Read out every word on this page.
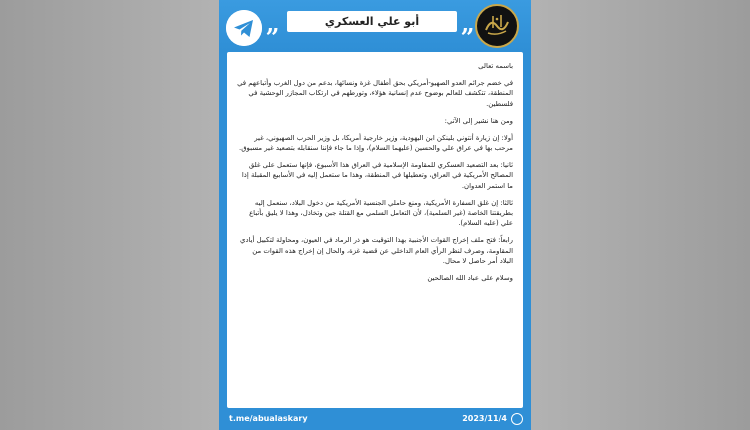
„	أبو علي العسكري „

باسمه تعالى

في خضم جرائم العدو الصهيو-أمريكي بحق أطفال غزة ونسائها، بدعم من دول الغرب وأتباعهم في المنطقة، تتكشف للعالم بوضوح عدم إنسانية هؤلاء، وتورطهم في ارتكاب المجازر الوحشية في فلسطين.

ومن هنا نشير إلى الآتي:

أولا: إن زيارة أنتوني بلينكن ابن اليهودية، وزير خارجية أمريكا، بل وزير الحرب الصهيوني، غير مرحب بها في عراق علي والحسين (عليهما السلام)، وإذا ما جاء فإننا سنقابله بتصعيد غير مسبوق.

ثانيا: بعد التصعيد العسكري للمقاومة الإسلامية في العراق هذا الأسبوع، فإنها ستعمل على غلق المصالح الأمريكية في العراق، وتعطيلها في المنطقة، وهذا ما ستعمل إليه في الأسابيع المقبلة إذا ما استمر العدوان.

ثالثا: إن غلق السفارة الأمريكية، ومنع حاملي الجنسية الأمريكية من دخول البلاد، سنعمل إليه بطريقتنا الخاصة (غير السلمية)، لأن التعامل السلمي مع القتلة جبن وتخاذل، وهذا لا يليق بأتباع علي (عليه السلام).

رابعاً: فتح ملف إخراج القوات الأجنبية بهذا التوقيت هو ذر الرماد في العيون، ومحاولة لتكبيل أيادي المقاومة، وصرف لنظر الرأي العام الداخلي عن قضية غزة، والحال إن إخراج هذه القوات من البلاد أمر حاصل لا محال.

وسلام على عباد الله الصالحين

t.me/abualaskary	2023/11/4
